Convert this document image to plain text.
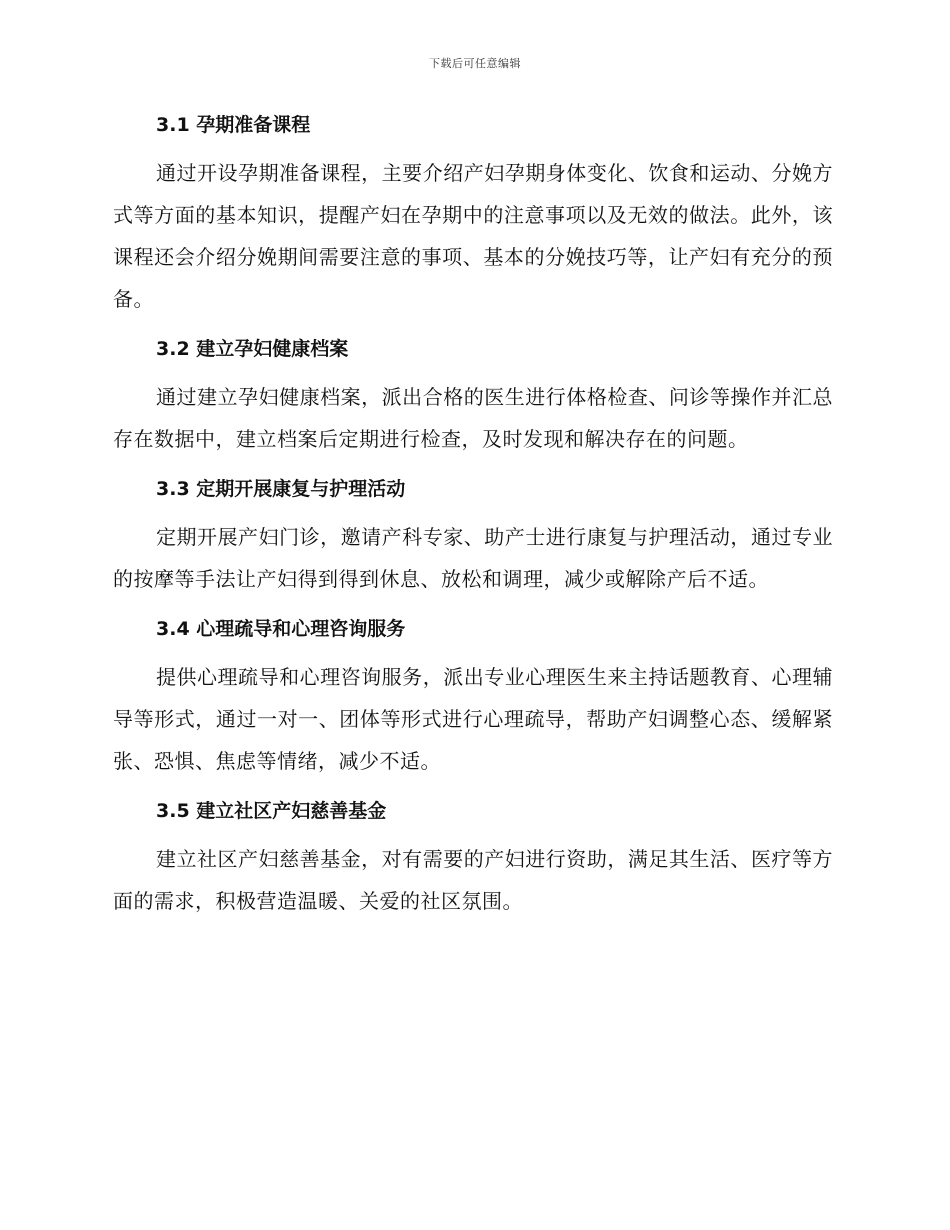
下载后可任意编辑
3.1 孕期准备课程

通过开设孕期准备课程，主要介绍产妇孕期身体变化、饮食和运动、分娩方式等方面的基本知识，提醒产妇在孕期中的注意事项以及无效的做法。此外，该课程还会介绍分娩期间需要注意的事项、基本的分娩技巧等，让产妇有充分的预备。

3.2 建立孕妇健康档案

通过建立孕妇健康档案，派出合格的医生进行体格检查、问诊等操作并汇总存在数据中，建立档案后定期进行检查，及时发现和解决存在的问题。

3.3 定期开展康复与护理活动

定期开展产妇门诊，邀请产科专家、助产士进行康复与护理活动，通过专业的按摩等手法让产妇得到得到休息、放松和调理，减少或解除产后不适。

3.4 心理疏导和心理咨询服务

提供心理疏导和心理咨询服务，派出专业心理医生来主持话题教育、心理辅导等形式，通过一对一、团体等形式进行心理疏导，帮助产妇调整心态、缓解紧张、恐惧、焦虑等情绪，减少不适。

3.5 建立社区产妇慈善基金

建立社区产妇慈善基金，对有需要的产妇进行资助，满足其生活、医疗等方面的需求，积极营造温暖、关爱的社区氛围。
